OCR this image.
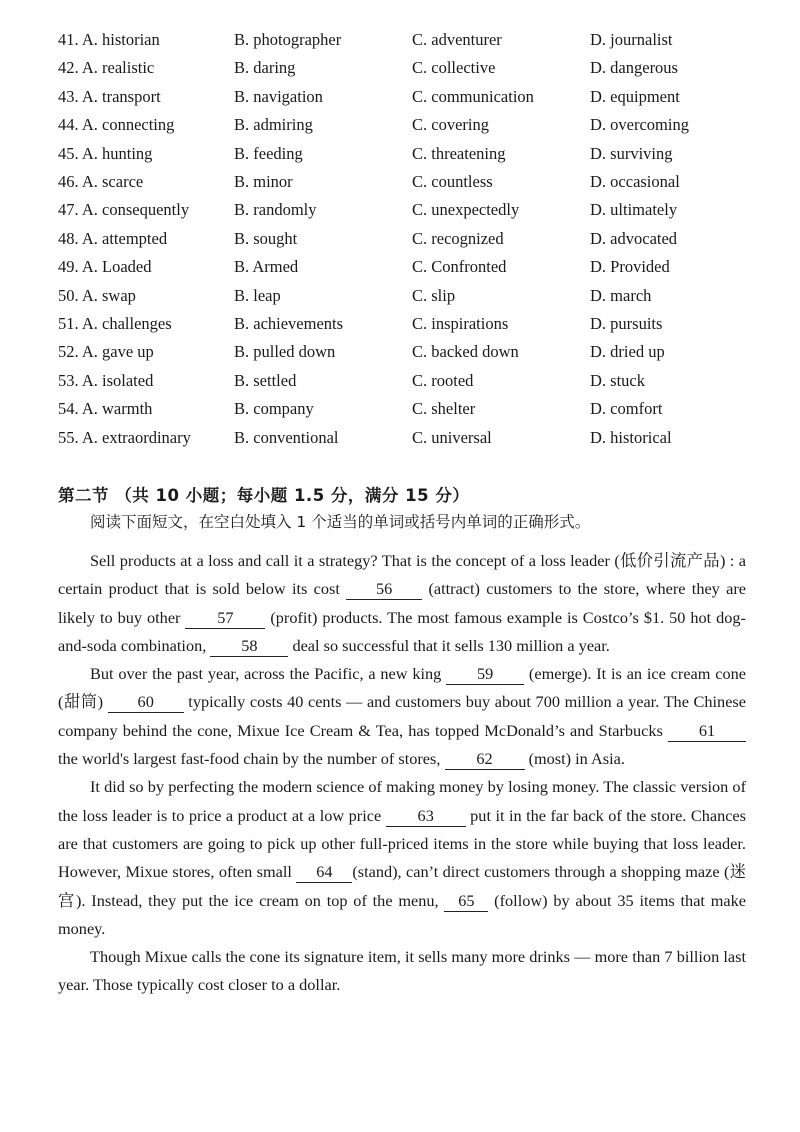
41. A. historian	B. photographer	C. adventurer	D. journalist
42. A. realistic	B. daring	C. collective	D. dangerous
43. A. transport	B. navigation	C. communication	D. equipment
44. A. connecting	B. admiring	C. covering	D. overcoming
45. A. hunting	B. feeding	C. threatening	D. surviving
46. A. scarce	B. minor	C. countless	D. occasional
47. A. consequently	B. randomly	C. unexpectedly	D. ultimately
48. A. attempted	B. sought	C. recognized	D. advocated
49. A. Loaded	B. Armed	C. Confronted	D. Provided
50. A. swap	B. leap	C. slip	D. march
51. A. challenges	B. achievements	C. inspirations	D. pursuits
52. A. gave up	B. pulled down	C. backed down	D. dried up
53. A. isolated	B. settled	C. rooted	D. stuck
54. A. warmth	B. company	C. shelter	D. comfort
55. A. extraordinary	B. conventional	C. universal	D. historical
第二节 （共 10 小题；每小题 1.5 分，满分 15 分）
阅读下面短文，在空白处填入 1 个适当的单词或括号内单词的正确形式。

Sell products at a loss and call it a strategy? That is the concept of a loss leader (低价引流产品) : a certain product that is sold below its cost 56 (attract) customers to the store, where they are likely to buy other 57 (profit) products. The most famous example is Costco’s $1. 50 hot dog-and-soda combination, 58 deal so successful that it sells 130 million a year.

But over the past year, across the Pacific, a new king 59 (emerge). It is an ice cream cone (甜筒) 60 typically costs 40 cents — and customers buy about 700 million a year. The Chinese company behind the cone, Mixue Ice Cream & Tea, has topped McDonald’s and Starbucks 61 the world's largest fast-food chain by the number of stores, 62 (most) in Asia.

It did so by perfecting the modern science of making money by losing money. The classic version of the loss leader is to price a product at a low price 63 put it in the far back of the store. Chances are that customers are going to pick up other full-priced items in the store while buying that loss leader. However, Mixue stores, often small 64 (stand), can’t direct customers through a shopping maze (迷宫). Instead, they put the ice cream on top of the menu, 65 (follow) by about 35 items that make money.

Though Mixue calls the cone its signature item, it sells many more drinks — more than 7 billion last year. Those typically cost closer to a dollar.
